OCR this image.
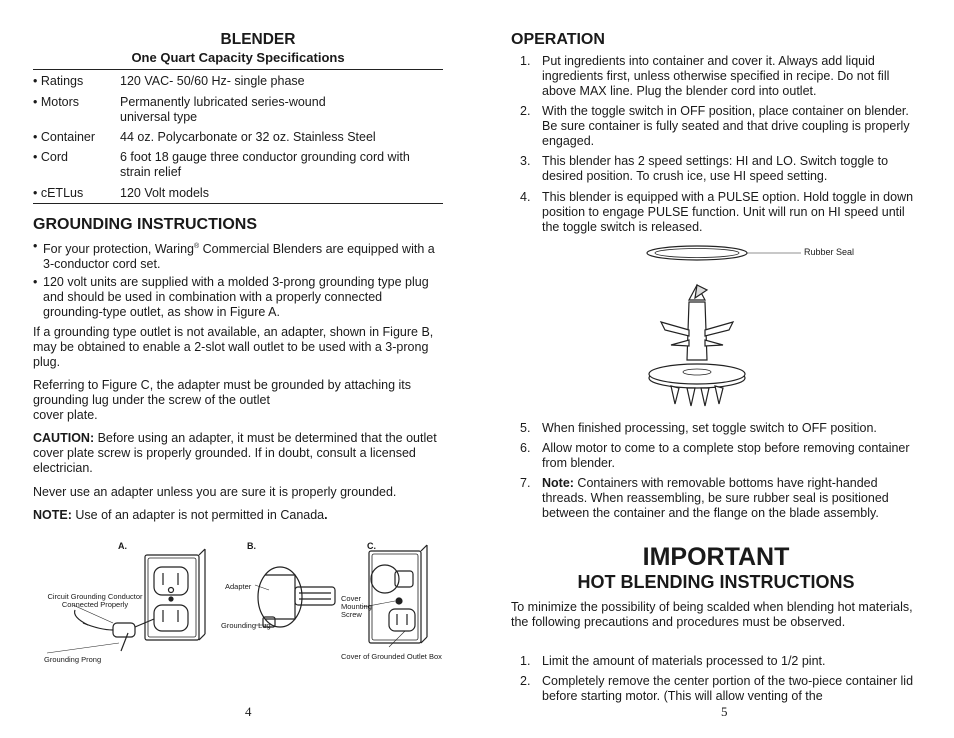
BLENDER
One Quart Capacity Specifications
• Ratings	120 VAC- 50/60 Hz- single phase
• Motors	Permanently lubricated series-wound universal type
• Container 44 oz. Polycarbonate or 32 oz. Stainless Steel
• Cord	6 foot 18 gauge three conductor grounding cord with strain relief
• cETLus	120 Volt models
GROUNDING INSTRUCTIONS
• For your protection, Waring® Commercial Blenders are equipped with a 3-conductor cord set.
• 120 volt units are supplied with a molded 3-prong grounding type plug and should be used in combination with a properly connected grounding-type outlet, as show in Figure A.
If a grounding type outlet is not available, an adapter, shown in Figure B, may be obtained to enable a 2-slot wall outlet to be used with a 3-prong plug.
Referring to Figure C, the adapter must be grounded by attaching its
grounding lug under the screw of the outlet
cover plate.
CAUTION: Before using an adapter, it must be determined that the outlet cover plate screw is properly grounded. If in doubt, consult a licensed electrician.
Never use an adapter unless you are sure it is properly grounded.
NOTE: Use of an adapter is not permitted in Canada.
A.	B.	C.
Circuit Grounding Conductor
Connected Properly
Grounding Prong
Adapter
Grounding Lug
Cover
Mounting
Screw
Cover of Grounded Outlet Box
4
OPERATION
1. Put ingredients into container and cover it. Always add liquid ingredients first, unless otherwise specified in recipe. Do not fill above MAX line. Plug the blender cord into outlet.
2. With the toggle switch in OFF position, place container on blender. Be sure container is fully seated and that drive coupling is properly engaged.
3. This blender has 2 speed settings: HI and LO. Switch toggle to desired position. To crush ice, use HI speed setting.
4. This blender is equipped with a PULSE option. Hold toggle in down position to engage PULSE function. Unit will run on HI speed until the toggle switch is released.
Rubber Seal
5. When finished processing, set toggle switch to OFF position.
6. Allow motor to come to a complete stop before removing container from blender.
7. Note: Containers with removable bottoms have right-handed threads. When reassembling, be sure rubber seal is positioned between the container and the flange on the blade assembly.
IMPORTANT
HOT BLENDING INSTRUCTIONS
To minimize the possibility of being scalded when blending hot materials, the following precautions and procedures must be observed.
1. Limit the amount of materials processed to 1/2 pint.
2. Completely remove the center portion of the two-piece container lid before starting motor. (This will allow venting of the
5
